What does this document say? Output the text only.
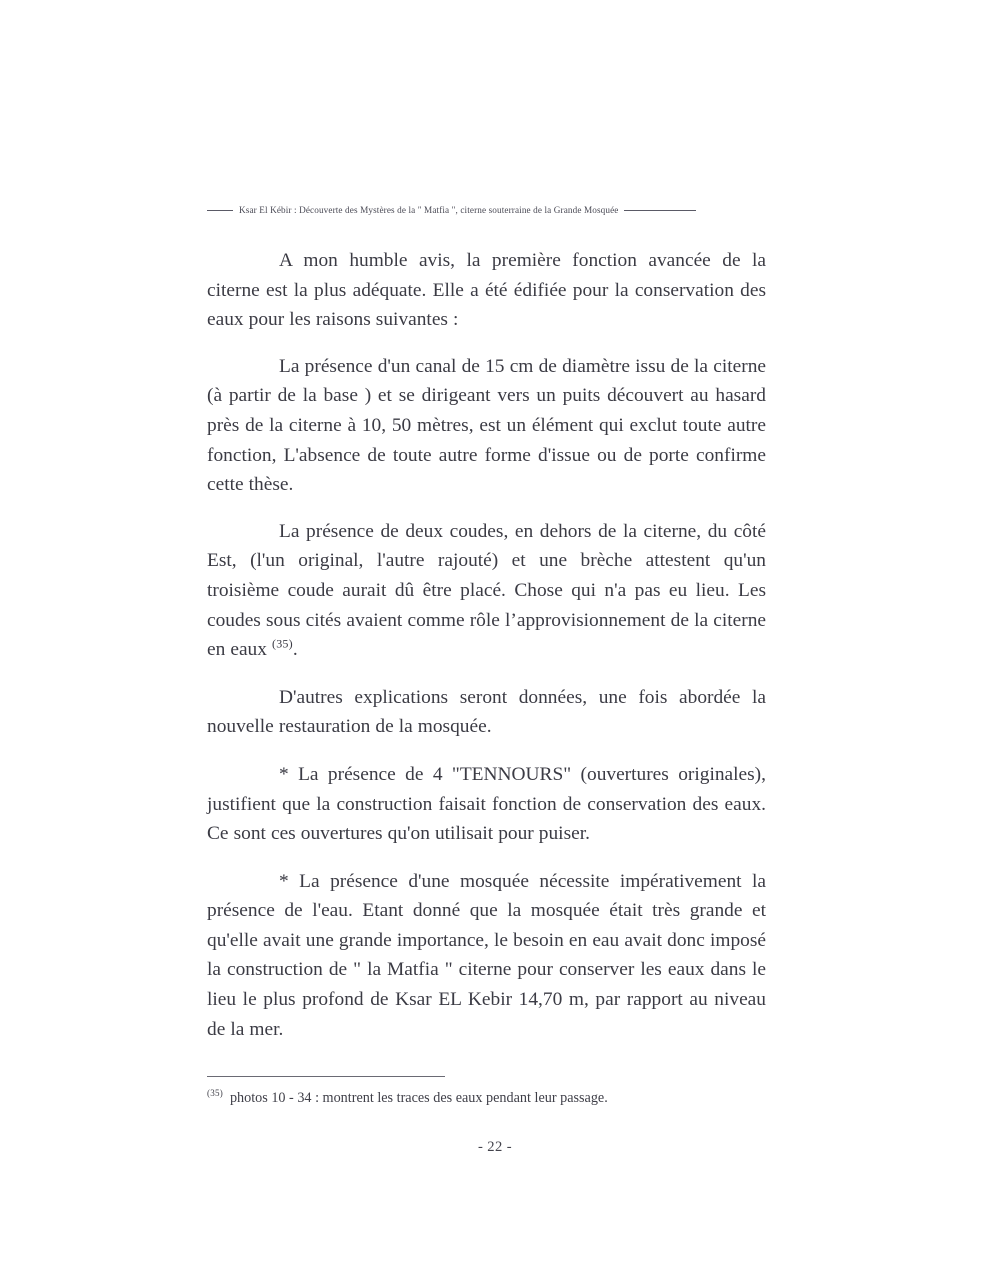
Ksar El Kébir : Découverte des Mystères de la " Matfia ", citerne souterraine de la Grande Mosquée

A mon humble avis, la première fonction avancée de la citerne est la plus adéquate. Elle a été édifiée pour la conservation des eaux pour les raisons suivantes :

La présence d'un canal de 15 cm de diamètre issu de la citerne (à partir de la base ) et se dirigeant vers un puits découvert au hasard près de la citerne à 10, 50 mètres, est un élément qui exclut toute autre fonction, L'absence de toute autre forme d'issue ou de porte confirme cette thèse.

La présence de deux coudes, en dehors de la citerne, du côté Est, (l'un original, l'autre rajouté) et une brèche attestent qu'un troisième coude aurait dû être placé. Chose qui n'a pas eu lieu. Les coudes sous cités avaient comme rôle l’approvisionnement de la citerne en eaux $^{(35)}$.

D'autres explications seront données, une fois abordée la nouvelle restauration de la mosquée.

* La présence de 4 "TENNOURS" (ouvertures originales), justifient que la construction faisait fonction de conservation des eaux. Ce sont ces ouvertures qu'on utilisait pour puiser.

* La présence d'une mosquée nécessite impérativement la présence de l'eau. Etant donné que la mosquée était très grande et qu'elle avait une grande importance, le besoin en eau avait donc imposé la construction de " la Matfia " citerne pour conserver les eaux dans le lieu le plus profond de Ksar EL Kebir 14,70 m, par rapport au niveau de la mer.

$^{(35)}$ photos 10 - 34 : montrent les traces des eaux pendant leur passage.

- 22 -
